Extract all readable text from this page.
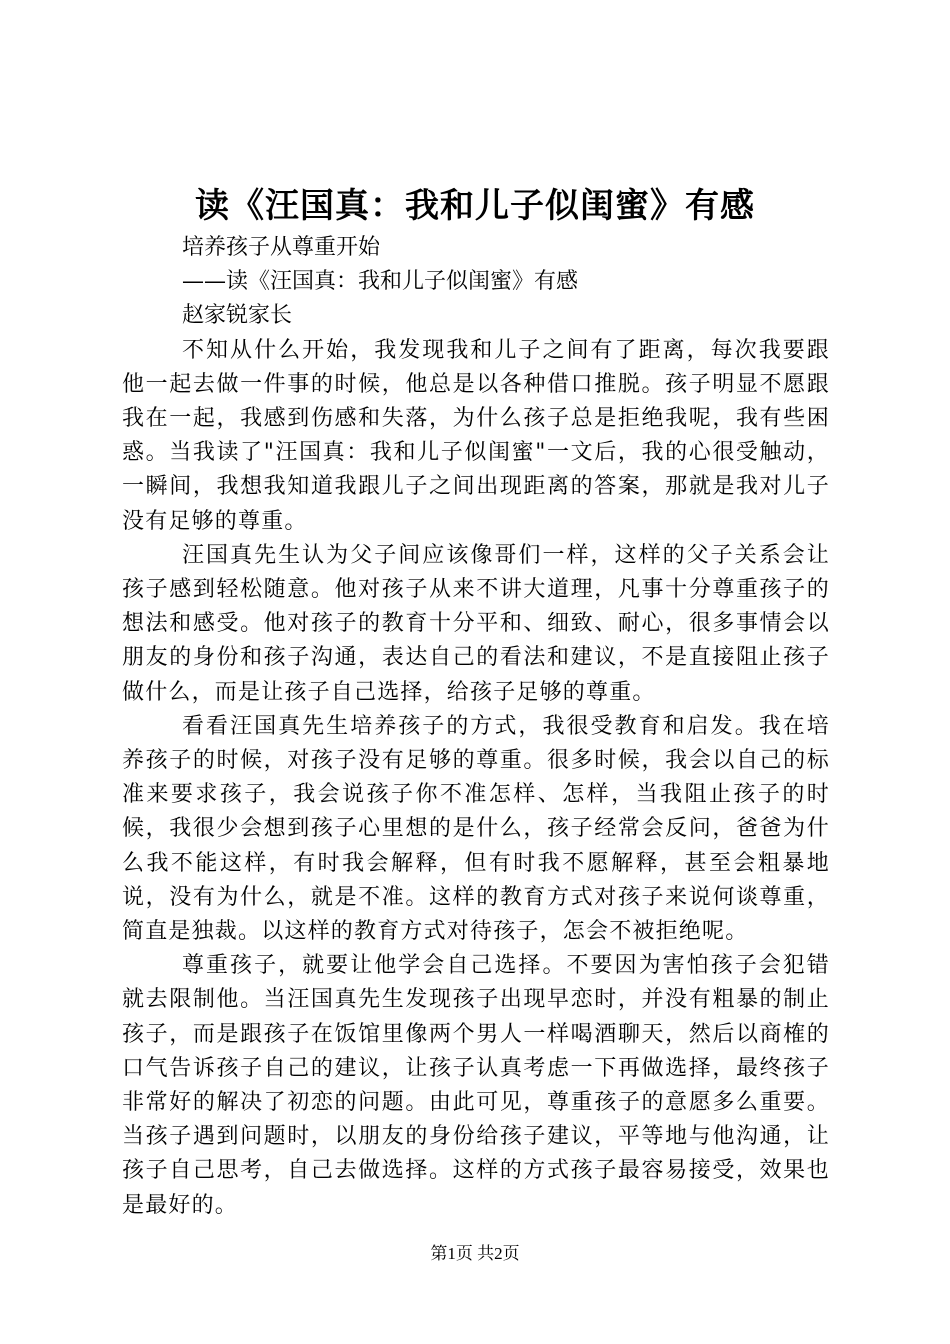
读《汪国真：我和儿子似闺蜜》有感

培养孩子从尊重开始

——读《汪国真：我和儿子似闺蜜》有感

赵家锐家长

不知从什么开始，我发现我和儿子之间有了距离，每次我要跟他一起去做一件事的时候，他总是以各种借口推脱。孩子明显不愿跟我在一起，我感到伤感和失落，为什么孩子总是拒绝我呢，我有些困惑。当我读了"汪国真：我和儿子似闺蜜"一文后，我的心很受触动，一瞬间，我想我知道我跟儿子之间出现距离的答案，那就是我对儿子没有足够的尊重。

汪国真先生认为父子间应该像哥们一样，这样的父子关系会让孩子感到轻松随意。他对孩子从来不讲大道理，凡事十分尊重孩子的想法和感受。他对孩子的教育十分平和、细致、耐心，很多事情会以朋友的身份和孩子沟通，表达自己的看法和建议，不是直接阻止孩子做什么，而是让孩子自己选择，给孩子足够的尊重。

看看汪国真先生培养孩子的方式，我很受教育和启发。我在培养孩子的时候，对孩子没有足够的尊重。很多时候，我会以自己的标准来要求孩子，我会说孩子你不准怎样、怎样，当我阻止孩子的时候，我很少会想到孩子心里想的是什么，孩子经常会反问，爸爸为什么我不能这样，有时我会解释，但有时我不愿解释，甚至会粗暴地说，没有为什么，就是不准。这样的教育方式对孩子来说何谈尊重，简直是独裁。以这样的教育方式对待孩子，怎会不被拒绝呢。

尊重孩子，就要让他学会自己选择。不要因为害怕孩子会犯错就去限制他。当汪国真先生发现孩子出现早恋时，并没有粗暴的制止孩子，而是跟孩子在饭馆里像两个男人一样喝酒聊天，然后以商榷的口气告诉孩子自己的建议，让孩子认真考虑一下再做选择，最终孩子非常好的解决了初恋的问题。由此可见，尊重孩子的意愿多么重要。当孩子遇到问题时，以朋友的身份给孩子建议，平等地与他沟通，让孩子自己思考，自己去做选择。这样的方式孩子最容易接受，效果也是最好的。

第1页 共2页
